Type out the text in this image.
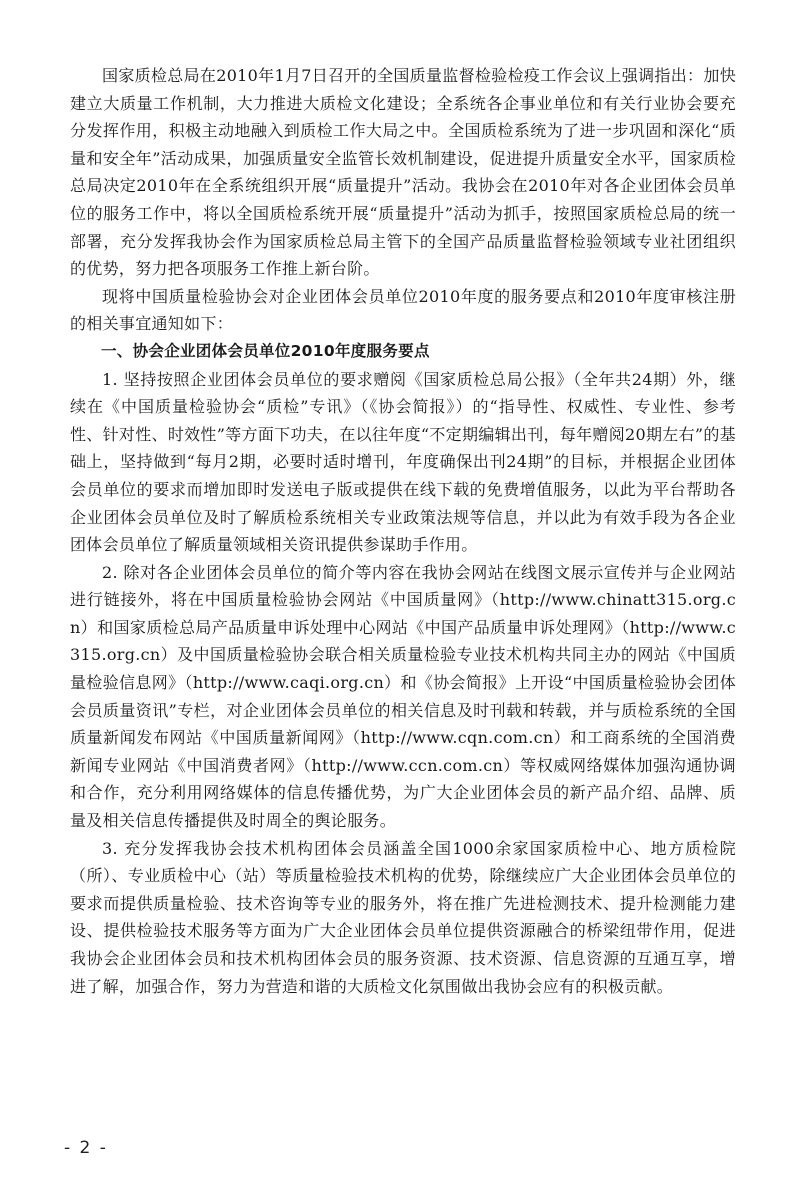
国家质检总局在2010年1月7日召开的全国质量监督检验检疫工作会议上强调指出：加快建立大质量工作机制，大力推进大质检文化建设；全系统各企事业单位和有关行业协会要充分发挥作用，积极主动地融入到质检工作大局之中。全国质检系统为了进一步巩固和深化“质量和安全年”活动成果，加强质量安全监管长效机制建设，促进提升质量安全水平，国家质检总局决定2010年在全系统组织开展“质量提升”活动。我协会在2010年对各企业团体会员单位的服务工作中，将以全国质检系统开展“质量提升”活动为抓手，按照国家质检总局的统一部署，充分发挥我协会作为国家质检总局主管下的全国产品质量监督检验领域专业社团组织的优势，努力把各项服务工作推上新台阶。

现将中国质量检验协会对企业团体会员单位2010年度的服务要点和2010年度审核注册的相关事宜通知如下：

一、协会企业团体会员单位2010年度服务要点

1. 坚持按照企业团体会员单位的要求赠阅《国家质检总局公报》（全年共24期）外，继续在《中国质量检验协会“质检”专讯》（《协会简报》）的“指导性、权威性、专业性、参考性、针对性、时效性”等方面下功夫，在以往年度“不定期编辑出刊，每年赠阅20期左右”的基础上，坚持做到“每月2期，必要时适时增刊，年度确保出刊24期”的目标，并根据企业团体会员单位的要求而增加即时发送电子版或提供在线下载的免费增值服务，以此为平台帮助各企业团体会员单位及时了解质检系统相关专业政策法规等信息，并以此为有效手段为各企业团体会员单位了解质量领域相关资讯提供参谋助手作用。

2. 除对各企业团体会员单位的简介等内容在我协会网站在线图文展示宣传并与企业网站进行链接外，将在中国质量检验协会网站《中国质量网》（http://www.chinatt315.org.cn）和国家质检总局产品质量申诉处理中心网站《中国产品质量申诉处理网》（http://www.c315.org.cn）及中国质量检验协会联合相关质量检验专业技术机构共同主办的网站《中国质量检验信息网》（http://www.caqi.org.cn）和《协会简报》上开设“中国质量检验协会团体会员质量资讯”专栏，对企业团体会员单位的相关信息及时刊载和转载，并与质检系统的全国质量新闻发布网站《中国质量新闻网》（http://www.cqn.com.cn）和工商系统的全国消费新闻专业网站《中国消费者网》（http://www.ccn.com.cn）等权威网络媒体加强沟通协调和合作，充分利用网络媒体的信息传播优势，为广大企业团体会员的新产品介绍、品牌、质量及相关信息传播提供及时周全的舆论服务。

3. 充分发挥我协会技术机构团体会员涵盖全国1000余家国家质检中心、地方质检院（所）、专业质检中心（站）等质量检验技术机构的优势，除继续应广大企业团体会员单位的要求而提供质量检验、技术咨询等专业的服务外，将在推广先进检测技术、提升检测能力建设、提供检验技术服务等方面为广大企业团体会员单位提供资源融合的桥梁纽带作用，促进我协会企业团体会员和技术机构团体会员的服务资源、技术资源、信息资源的互通互享，增进了解，加强合作，努力为营造和谐的大质检文化氛围做出我协会应有的积极贡献。

- 2 -
